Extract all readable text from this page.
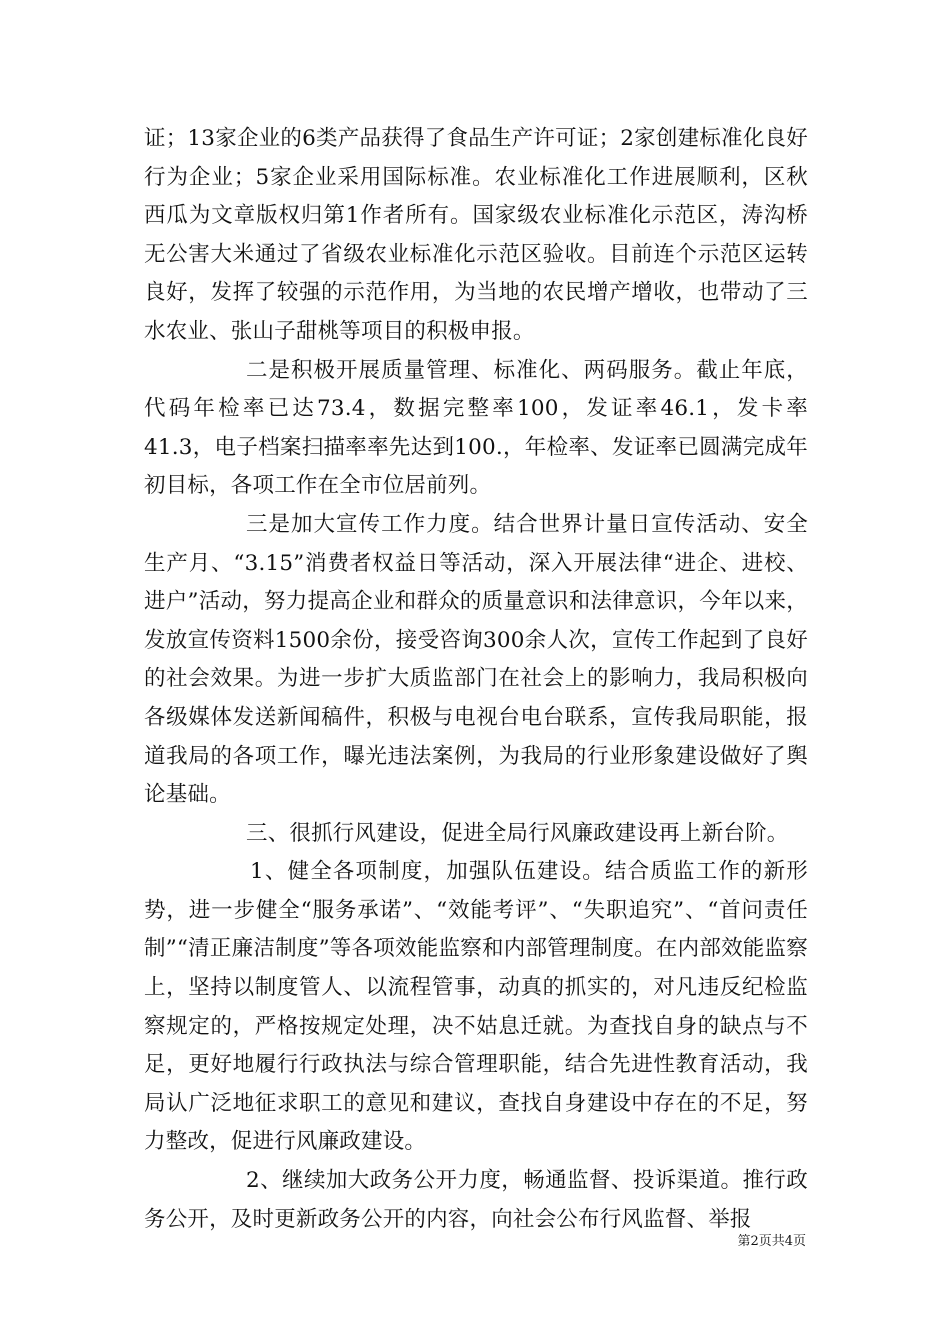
证；13家企业的6类产品获得了食品生产许可证；2家创建标准化良好行为企业；5家企业采用国际标准。农业标准化工作进展顺利，区秋西瓜为文章版权归第1作者所有。国家级农业标准化示范区，涛沟桥无公害大米通过了省级农业标准化示范区验收。目前连个示范区运转良好，发挥了较强的示范作用，为当地的农民增产增收，也带动了三水农业、张山子甜桃等项目的积极申报。

二是积极开展质量管理、标准化、两码服务。截止年底，代码年检率已达73.4，数据完整率100，发证率46.1，发卡率41.3，电子档案扫描率率先达到100.，年检率、发证率已圆满完成年初目标，各项工作在全市位居前列。

三是加大宣传工作力度。结合世界计量日宣传活动、安全生产月、“3.15”消费者权益日等活动，深入开展法律“进企、进校、进户”活动，努力提高企业和群众的质量意识和法律意识，今年以来，发放宣传资料1500余份，接受咨询300余人次，宣传工作起到了良好的社会效果。为进一步扩大质监部门在社会上的影响力，我局积极向各级媒体发送新闻稿件，积极与电视台电台联系，宣传我局职能，报道我局的各项工作，曝光违法案例，为我局的行业形象建设做好了舆论基础。

三、很抓行风建设，促进全局行风廉政建设再上新台阶。

1、健全各项制度，加强队伍建设。结合质监工作的新形势，进一步健全“服务承诺”、“效能考评”、“失职追究”、“首问责任制”“清正廉洁制度”等各项效能监察和内部管理制度。在内部效能监察上，坚持以制度管人、以流程管事，动真的抓实的，对凡违反纪检监察规定的，严格按规定处理，决不姑息迁就。为查找自身的缺点与不足，更好地履行行政执法与综合管理职能，结合先进性教育活动，我局认广泛地征求职工的意见和建议，查找自身建设中存在的不足，努力整改，促进行风廉政建设。

2、继续加大政务公开力度，畅通监督、投诉渠道。推行政务公开，及时更新政务公开的内容，向社会公布行风监督、举报

第2页共4页
